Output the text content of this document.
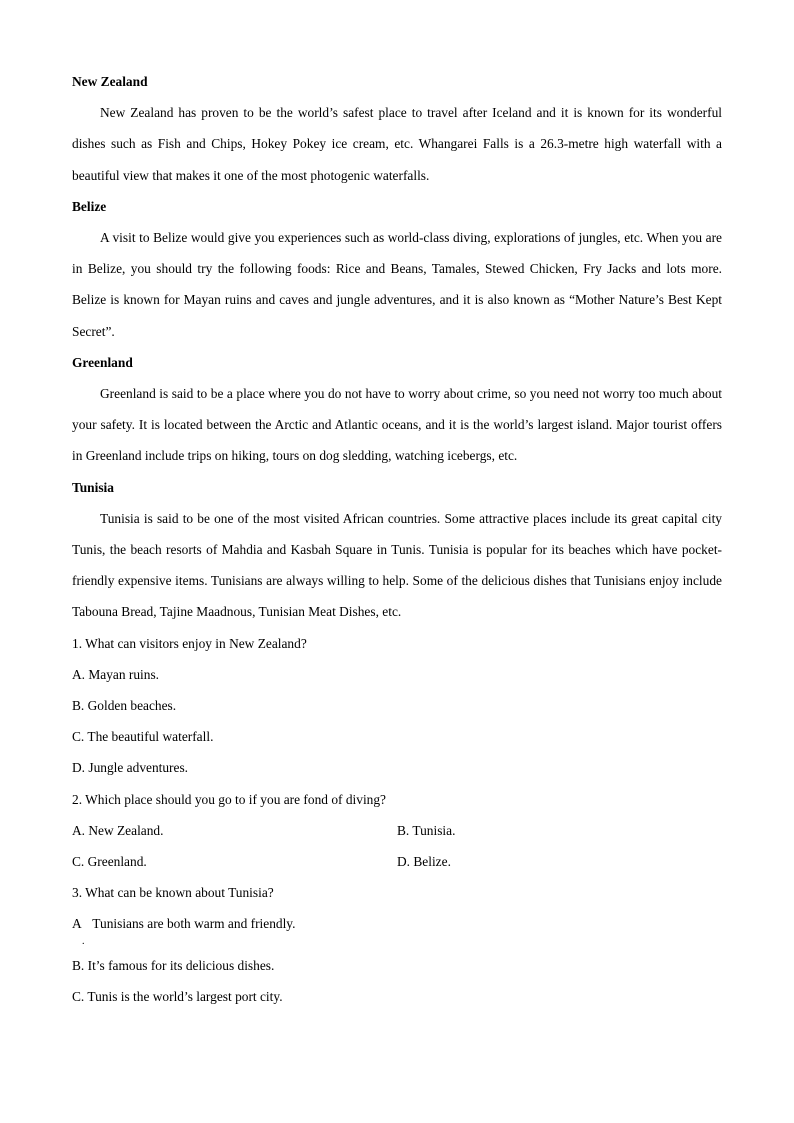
New Zealand

New Zealand has proven to be the world’s safest place to travel after Iceland and it is known for its wonderful dishes such as Fish and Chips, Hokey Pokey ice cream, etc. Whangarei Falls is a 26.3-metre high waterfall with a beautiful view that makes it one of the most photogenic waterfalls.

Belize

A visit to Belize would give you experiences such as world-class diving, explorations of jungles, etc. When you are in Belize, you should try the following foods: Rice and Beans, Tamales, Stewed Chicken, Fry Jacks and lots more. Belize is known for Mayan ruins and caves and jungle adventures, and it is also known as “Mother Nature’s Best Kept Secret”.

Greenland

Greenland is said to be a place where you do not have to worry about crime, so you need not worry too much about your safety. It is located between the Arctic and Atlantic oceans, and it is the world’s largest island. Major tourist offers in Greenland include trips on hiking, tours on dog sledding, watching icebergs, etc.

Tunisia

Tunisia is said to be one of the most visited African countries. Some attractive places include its great capital city Tunis, the beach resorts of Mahdia and Kasbah Square in Tunis. Tunisia is popular for its beaches which have pocket-friendly expensive items. Tunisians are always willing to help. Some of the delicious dishes that Tunisians enjoy include Tabouna Bread, Tajine Maadnous, Tunisian Meat Dishes, etc.

1. What can visitors enjoy in New Zealand?

A. Mayan ruins.

B. Golden beaches.

C. The beautiful waterfall.

D. Jungle adventures.

2. Which place should you go to if you are fond of diving?

A. New Zealand.	B. Tunisia.
C. Greenland.	D. Belize.

3. What can be known about Tunisia?

A
.
Tunisians are both warm and friendly.

B. It’s famous for its delicious dishes.

C. Tunis is the world’s largest port city.
